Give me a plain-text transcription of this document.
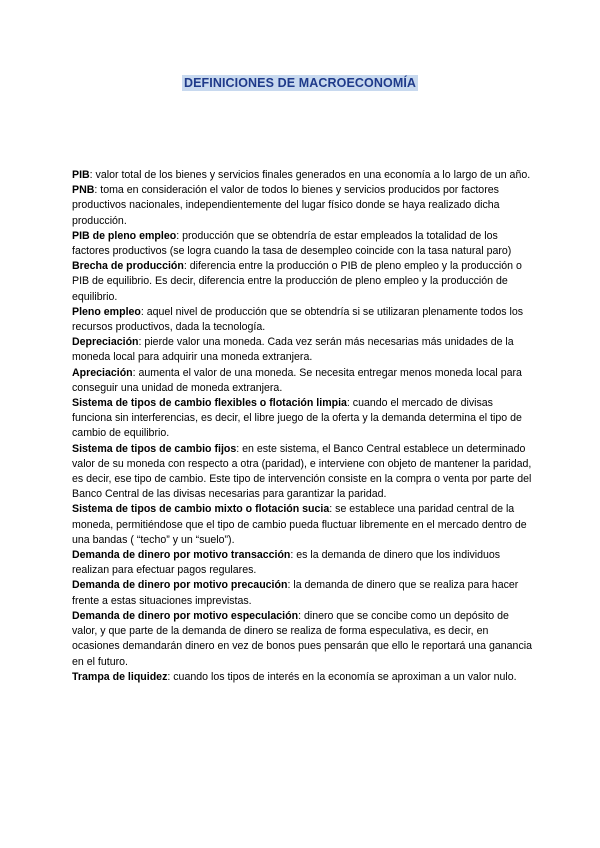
DEFINICIONES DE MACROECONOMÍA

PIB: valor total de los bienes y servicios finales generados en una economía a lo largo de un año.

PNB: toma en consideración el valor de todos lo bienes y servicios producidos por factores productivos nacionales, independientemente del lugar físico donde se haya realizado dicha producción.

PIB de pleno empleo: producción que se obtendría de estar empleados la totalidad de los factores productivos (se logra cuando la tasa de desempleo coincide con la tasa natural paro)

Brecha de producción: diferencia entre la producción o PIB de pleno empleo y la producción o PIB de equilibrio. Es decir, diferencia entre la producción de pleno empleo y la producción de equilibrio.

Pleno empleo: aquel nivel de producción que se obtendría si se utilizaran plenamente todos los recursos productivos, dada la tecnología.

Depreciación: pierde valor una moneda. Cada vez serán más necesarias más unidades de la moneda local para adquirir una moneda extranjera.

Apreciación: aumenta el valor de una moneda. Se necesita entregar menos moneda local para conseguir una unidad de moneda extranjera.

Sistema de tipos de cambio flexibles o flotación limpia: cuando el mercado de divisas funciona sin interferencias, es decir, el libre juego de la oferta y la demanda determina el tipo de cambio de equilibrio.

Sistema de tipos de cambio fijos: en este sistema, el Banco Central establece un determinado valor de su moneda con respecto a otra (paridad), e interviene con objeto de mantener la paridad, es decir, ese tipo de cambio. Este tipo de intervención consiste en la compra o venta por parte del Banco Central de las divisas necesarias para garantizar la paridad.

Sistema de tipos de cambio mixto o flotación sucia: se establece una paridad central de la moneda, permitiéndose que el tipo de cambio pueda fluctuar libremente en el mercado dentro de una bandas ( “techo” y un “suelo”).

Demanda de dinero por motivo transacción: es la demanda de dinero que los individuos realizan para efectuar pagos regulares.

Demanda de dinero por motivo precaución: la demanda de dinero que se realiza para hacer frente a estas situaciones imprevistas.

Demanda de dinero por motivo especulación: dinero que se concibe como un depósito de valor, y que parte de la demanda de dinero se realiza de forma especulativa, es decir, en ocasiones demandarán dinero en vez de bonos pues pensarán que ello le reportará una ganancia en el futuro.

Trampa de liquidez: cuando los tipos de interés en la economía se aproximan a un valor nulo.
